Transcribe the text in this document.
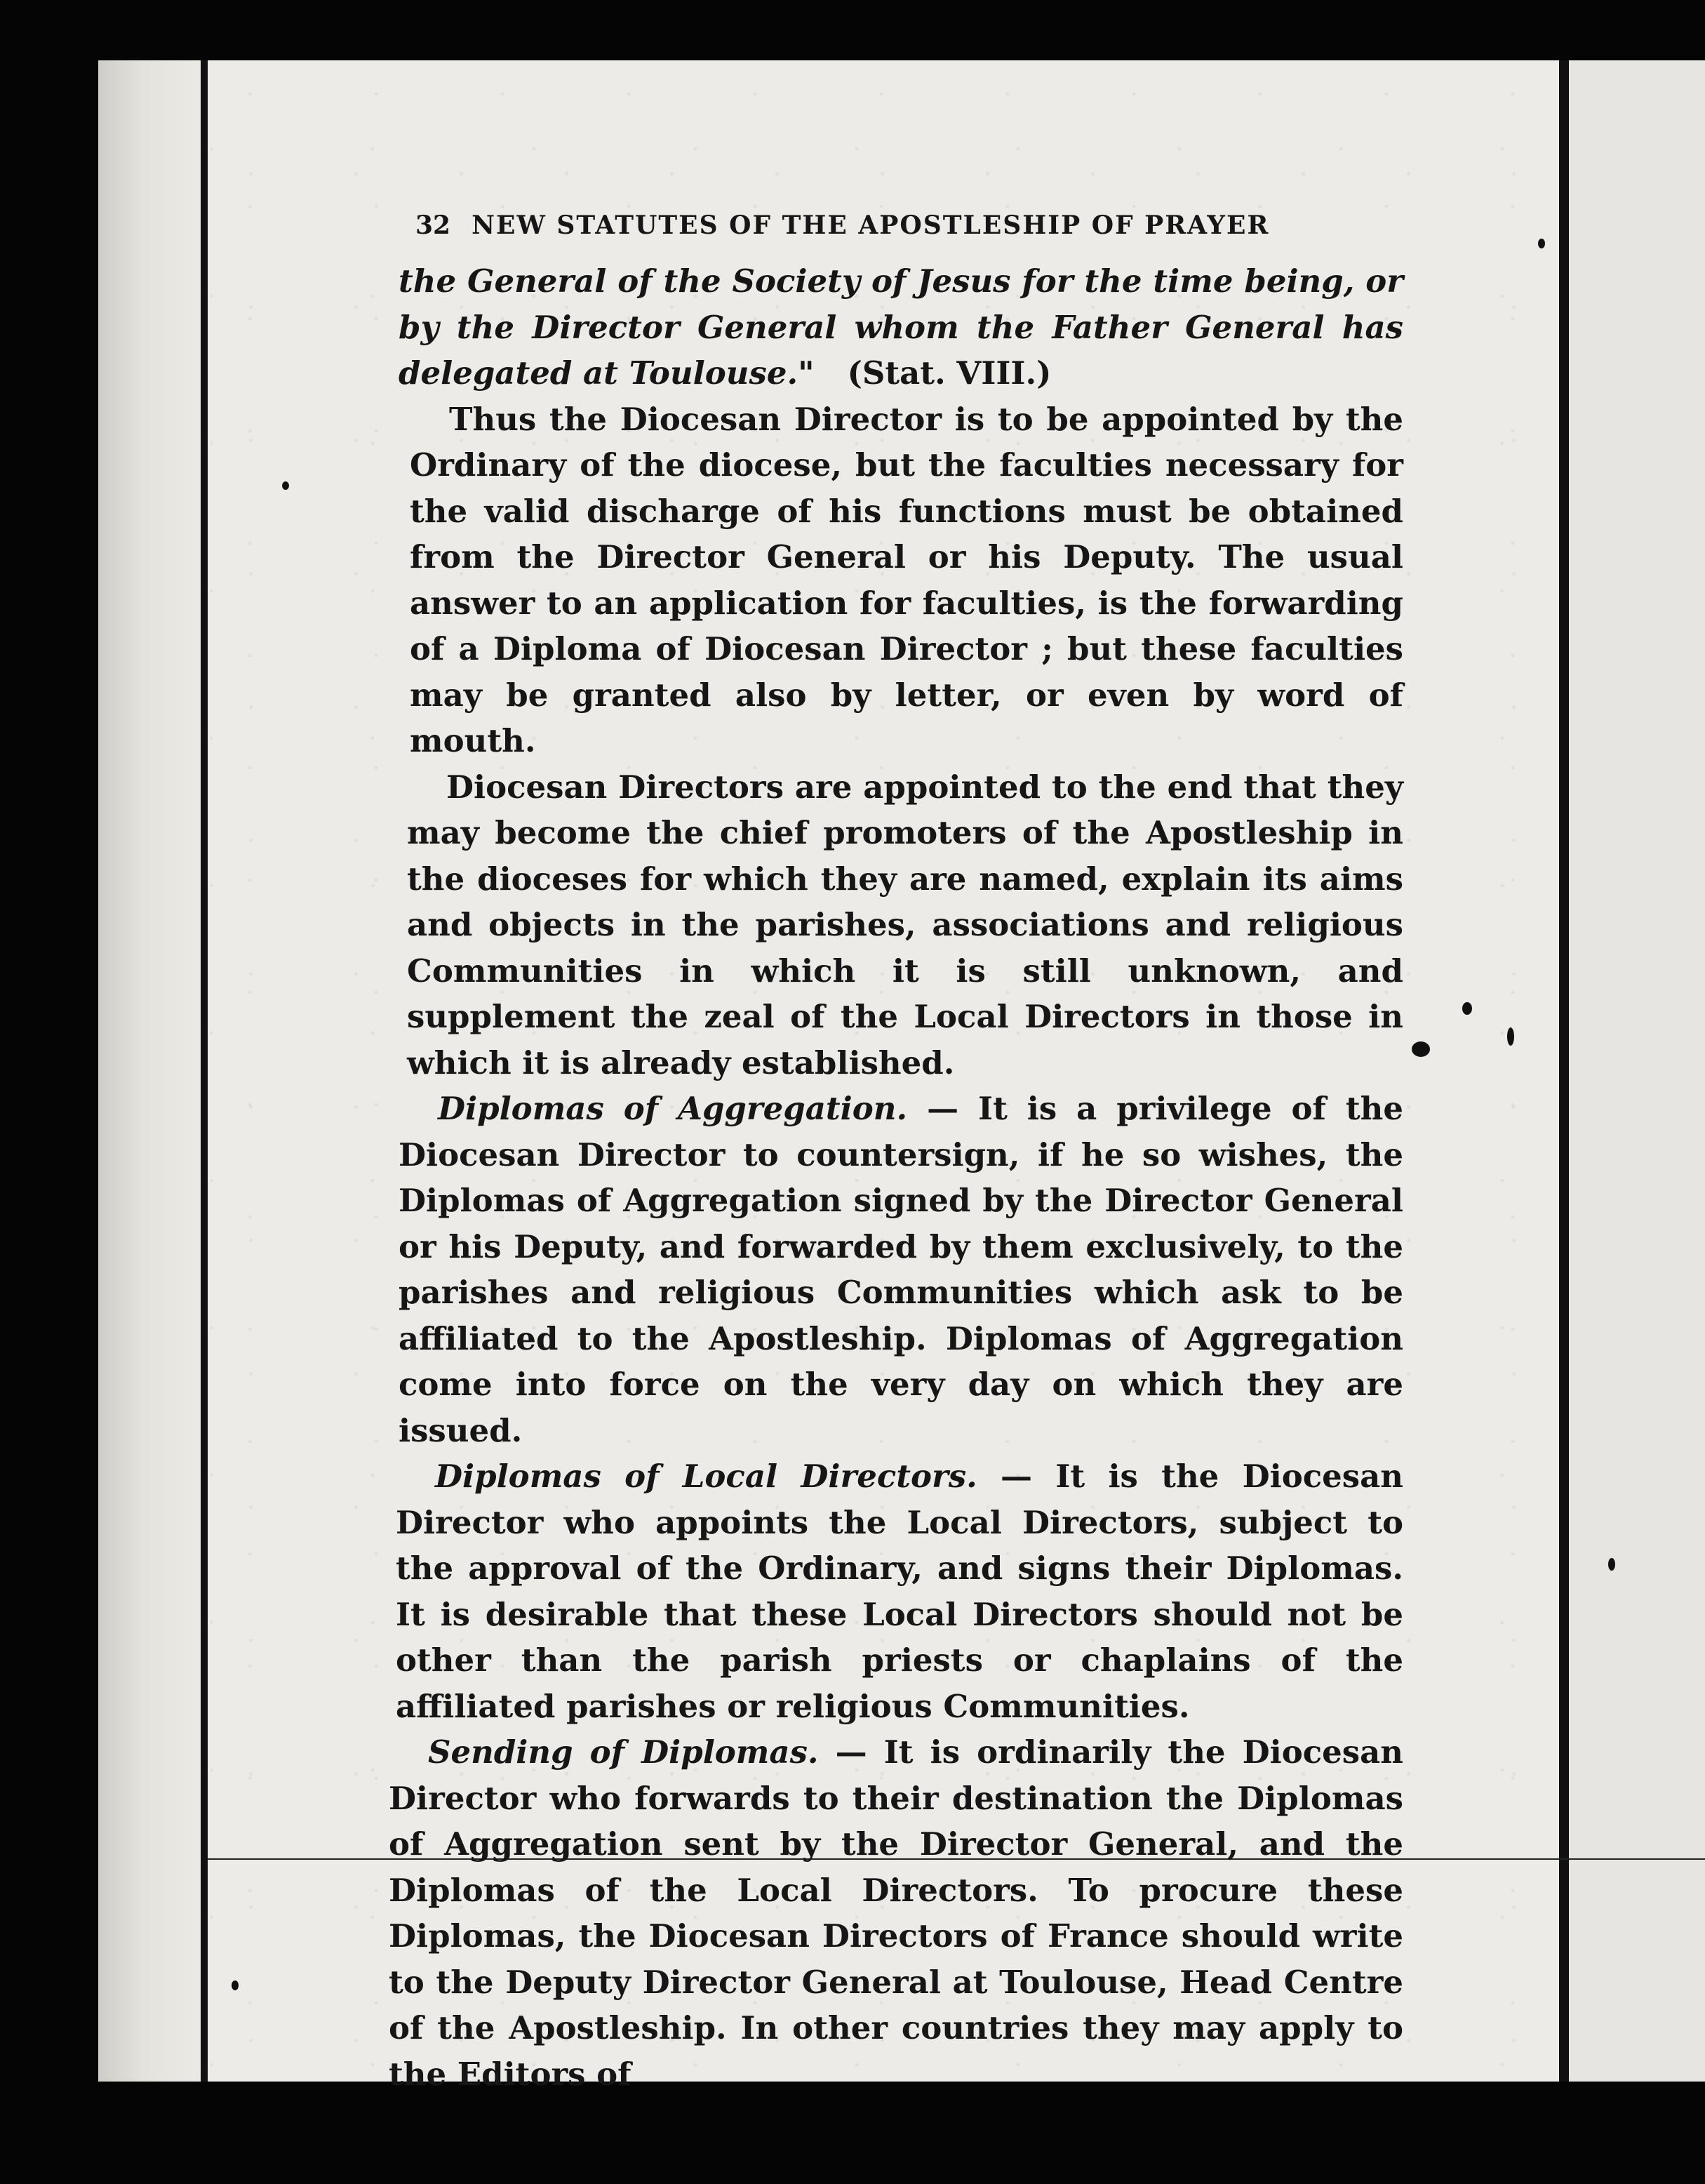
32 NEW STATUTES OF THE APOSTLESHIP OF PRAYER

the General of the Society of Jesus for the time being, or by the Director General whom the Father General has delegated at Toulouse." (Stat. VIII.)

Thus the Diocesan Director is to be appointed by the Ordinary of the diocese, but the faculties necessary for the valid discharge of his functions must be obtained from the Director General or his Deputy. The usual answer to an application for faculties, is the forwarding of a Diploma of Diocesan Director ; but these faculties may be granted also by letter, or even by word of mouth.

Diocesan Directors are appointed to the end that they may become the chief promoters of the Apostleship in the dioceses for which they are named, explain its aims and objects in the parishes, associations and religious Communities in which it is still unknown, and supplement the zeal of the Local Directors in those in which it is already established.

Diplomas of Aggregation. — It is a privilege of the Diocesan Director to countersign, if he so wishes, the Diplomas of Aggregation signed by the Director General or his Deputy, and forwarded by them exclusively, to the parishes and religious Communities which ask to be affiliated to the Apostleship. Diplomas of Aggregation come into force on the very day on which they are issued.

Diplomas of Local Directors. — It is the Diocesan Director who appoints the Local Directors, subject to the approval of the Ordinary, and signs their Diplomas. It is desirable that these Local Directors should not be other than the parish priests or chaplains of the affiliated parishes or religious Communities.

Sending of Diplomas. — It is ordinarily the Diocesan Director who forwards to their destination the Diplomas of Aggregation sent by the Director General, and the Diplomas of the Local Directors. To procure these Diplomas, the Diocesan Directors of France should write to the Deputy Director General at Toulouse, Head Centre of the Apostleship. In other countries they may apply to the Editors of
